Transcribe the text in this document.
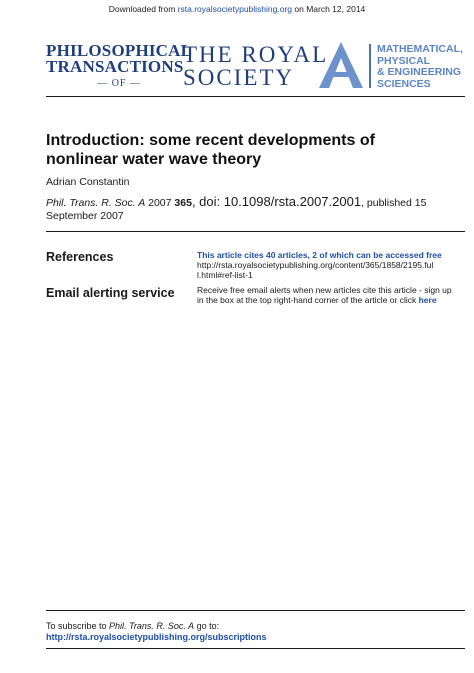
Downloaded from rsta.royalsocietypublishing.org on March 12, 2014
PHILOSOPHICAL
TRANSACTIONS
— OF —
THE ROYAL
SOCIETY
MATHEMATICAL,
PHYSICAL
& ENGINEERING
SCIENCES
Introduction: some recent developments of
nonlinear water wave theory
Adrian Constantin
Phil. Trans. R. Soc. A 2007 365, doi: 10.1098/rsta.2007.2001, published 15
September 2007
References	This article cites 40 articles, 2 of which can be accessed free
http://rsta.royalsocietypublishing.org/content/365/1858/2195.ful
l.html#ref-list-1
Email alerting service	Receive free email alerts when new articles cite this article - sign up
in the box at the top right-hand corner of the article or click here
To subscribe to Phil. Trans. R. Soc. A go to:
http://rsta.royalsocietypublishing.org/subscriptions
